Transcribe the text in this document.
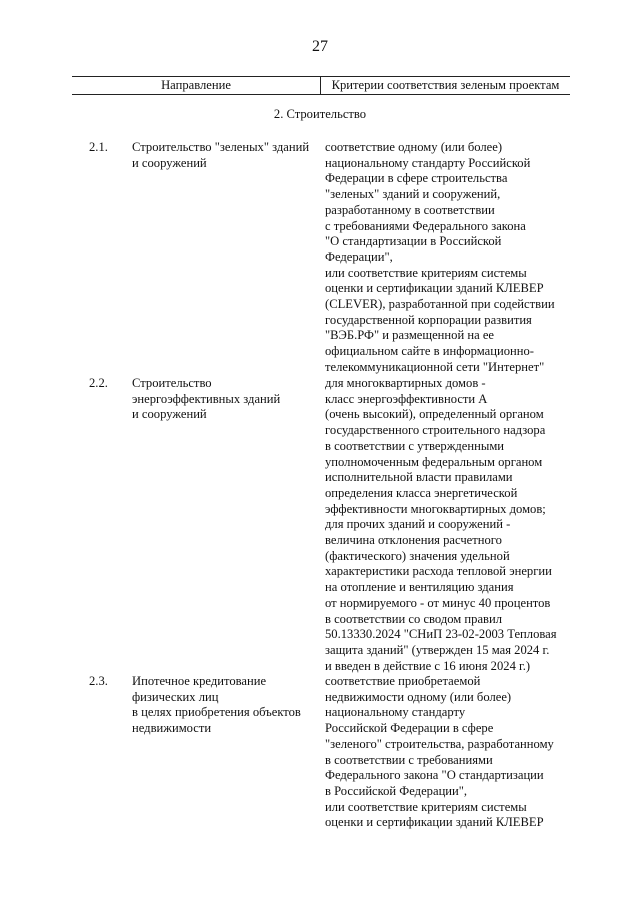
27
Направление	Критерии соответствия зеленым проектам
2. Строительство
2.1. Строительство "зеленых" зданий
и сооружений
соответствие одному (или более)
национальному стандарту Российской
Федерации в сфере строительства
"зеленых" зданий и сооружений,
разработанному в соответствии
с требованиями Федерального закона
"О стандартизации в Российской
Федерации",
или соответствие критериям системы
оценки и сертификации зданий КЛЕВЕР
(CLEVER), разработанной при содействии
государственной корпорации развития
"ВЭБ.РФ" и размещенной на ее
официальном сайте в информационно-
телекоммуникационной сети "Интернет"
2.2. Строительство
энергоэффективных зданий
и сооружений
для многоквартирных домов -
класс энергоэффективности А
(очень высокий), определенный органом
государственного строительного надзора
в соответствии с утвержденными
уполномоченным федеральным органом
исполнительной власти правилами
определения класса энергетической
эффективности многоквартирных домов;
для прочих зданий и сооружений -
величина отклонения расчетного
(фактического) значения удельной
характеристики расхода тепловой энергии
на отопление и вентиляцию здания
от нормируемого - от минус 40 процентов
в соответствии со сводом правил
50.13330.2024 "СНиП 23-02-2003 Тепловая
защита зданий" (утвержден 15 мая 2024 г.
и введен в действие с 16 июня 2024 г.)
2.3. Ипотечное кредитование
физических лиц
в целях приобретения объектов
недвижимости
соответствие приобретаемой
недвижимости одному (или более)
национальному стандарту
Российской Федерации в сфере
"зеленого" строительства, разработанному
в соответствии с требованиями
Федерального закона "О стандартизации
в Российской Федерации",
или соответствие критериям системы
оценки и сертификации зданий КЛЕВЕР
